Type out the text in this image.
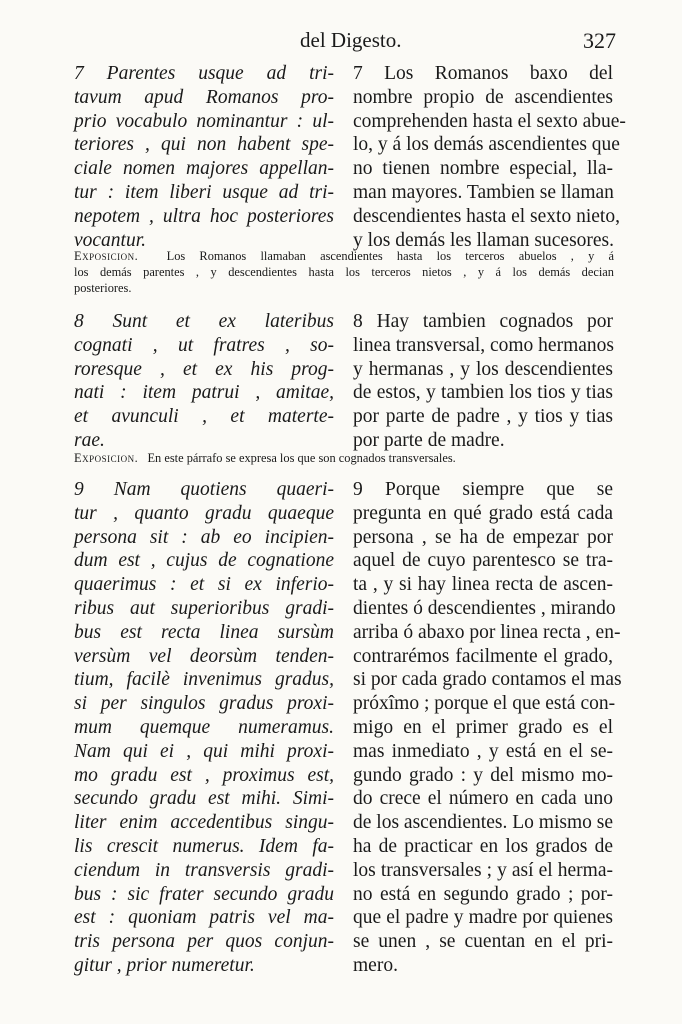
del Digesto.	327
7 Parentes usque ad tri-
tavum apud Romanos pro-
prio vocabulo nominantur : ul-
teriores , qui non habent spe-
ciale nomen majores appellan-
tur : item liberi usque ad tri-
nepotem , ultra hoc posteriores
vocantur.
7 Los Romanos baxo del
nombre propio de ascendientes
comprehenden hasta el sexto abue-
lo, y á los demás ascendientes que
no tienen nombre especial, lla-
man mayores. Tambien se llaman
descendientes hasta el sexto nieto,
y los demás les llaman sucesores.
Exposicion. Los Romanos llamaban ascendientes hasta los terceros abuelos , y á
los demás parentes , y descendientes hasta los terceros nietos , y á los demás decian
posteriores.
8 Sunt et ex lateribus
cognati , ut fratres , so-
roresque , et ex his prog-
nati : item patrui , amitae,
et avunculi , et materte-
rae.
8 Hay tambien cognados por
linea transversal, como hermanos
y hermanas , y los descendientes
de estos, y tambien los tios y tias
por parte de padre , y tios y tias
por parte de madre.
Exposicion. En este párrafo se expresa los que son cognados transversales.
9 Nam quotiens quaeri-
tur , quanto gradu quaeque
persona sit : ab eo incipien-
dum est , cujus de cognatione
quaerimus : et si ex inferio-
ribus aut superioribus gradi-
bus est recta linea sursùm
versùm vel deorsùm tenden-
tium, facilè invenimus gradus,
si per singulos gradus proxi-
mum quemque numeramus.
Nam qui ei , qui mihi proxi-
mo gradu est , proximus est,
secundo gradu est mihi. Simi-
liter enim accedentibus singu-
lis crescit numerus. Idem fa-
ciendum in transversis gradi-
bus : sic frater secundo gradu
est : quoniam patris vel ma-
tris persona per quos conjun-
gitur , prior numeretur.
9 Porque siempre que se
pregunta en qué grado está cada
persona , se ha de empezar por
aquel de cuyo parentesco se tra-
ta , y si hay linea recta de ascen-
dientes ó descendientes , mirando
arriba ó abaxo por linea recta , en-
contrarémos facilmente el grado,
si por cada grado contamos el mas
próxîmo ; porque el que está con-
migo en el primer grado es el
mas inmediato , y está en el se-
gundo grado : y del mismo mo-
do crece el número en cada uno
de los ascendientes. Lo mismo se
ha de practicar en los grados de
los transversales ; y así el herma-
no está en segundo grado ; por-
que el padre y madre por quienes
se unen , se cuentan en el pri-
mero.
